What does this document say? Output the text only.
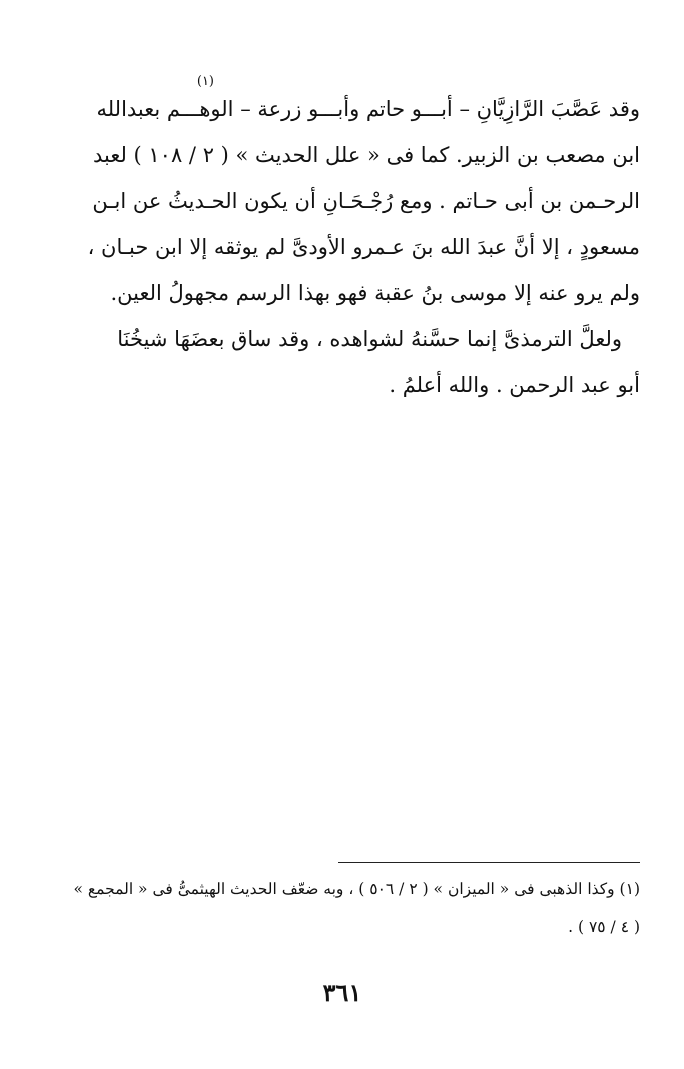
(١)
وقد عَصَّبَ الرَّازِيَّانِ – أبـــو حاتم وأبـــو زرعة – الوهـــم بعبدالله
ابن مصعب بن الزبير. كما فى « علل الحديث » ( ٢ / ١٠٨ ) لعبد
الرحـمن بن أبى حـاتم . ومع رُجْـحَـانِ أن يكون الحـديثُ عن ابـن
مسعودٍ ، إلا أنَّ عبدَ الله بنَ عـمرو الأودىَّ لم يوثقه إلا ابن حبـان ،
ولم يرو عنه إلا موسى بنُ عقبة فهو بهذا الرسم مجهولُ العين.
ولعلَّ الترمذىَّ إنما حسَّنهُ لشواهده ، وقد ساق بعضَهَا شيخُنَا
أبو عبد الرحمن . والله أعلمُ .
(١) وكذا الذهبى فى « الميزان » ( ٢ / ٥٠٦ ) ، وبه ضعّف الحديث الهيثمىُّ فى « المجمع »
( ٤ / ٧٥ ) .
٣٦١
